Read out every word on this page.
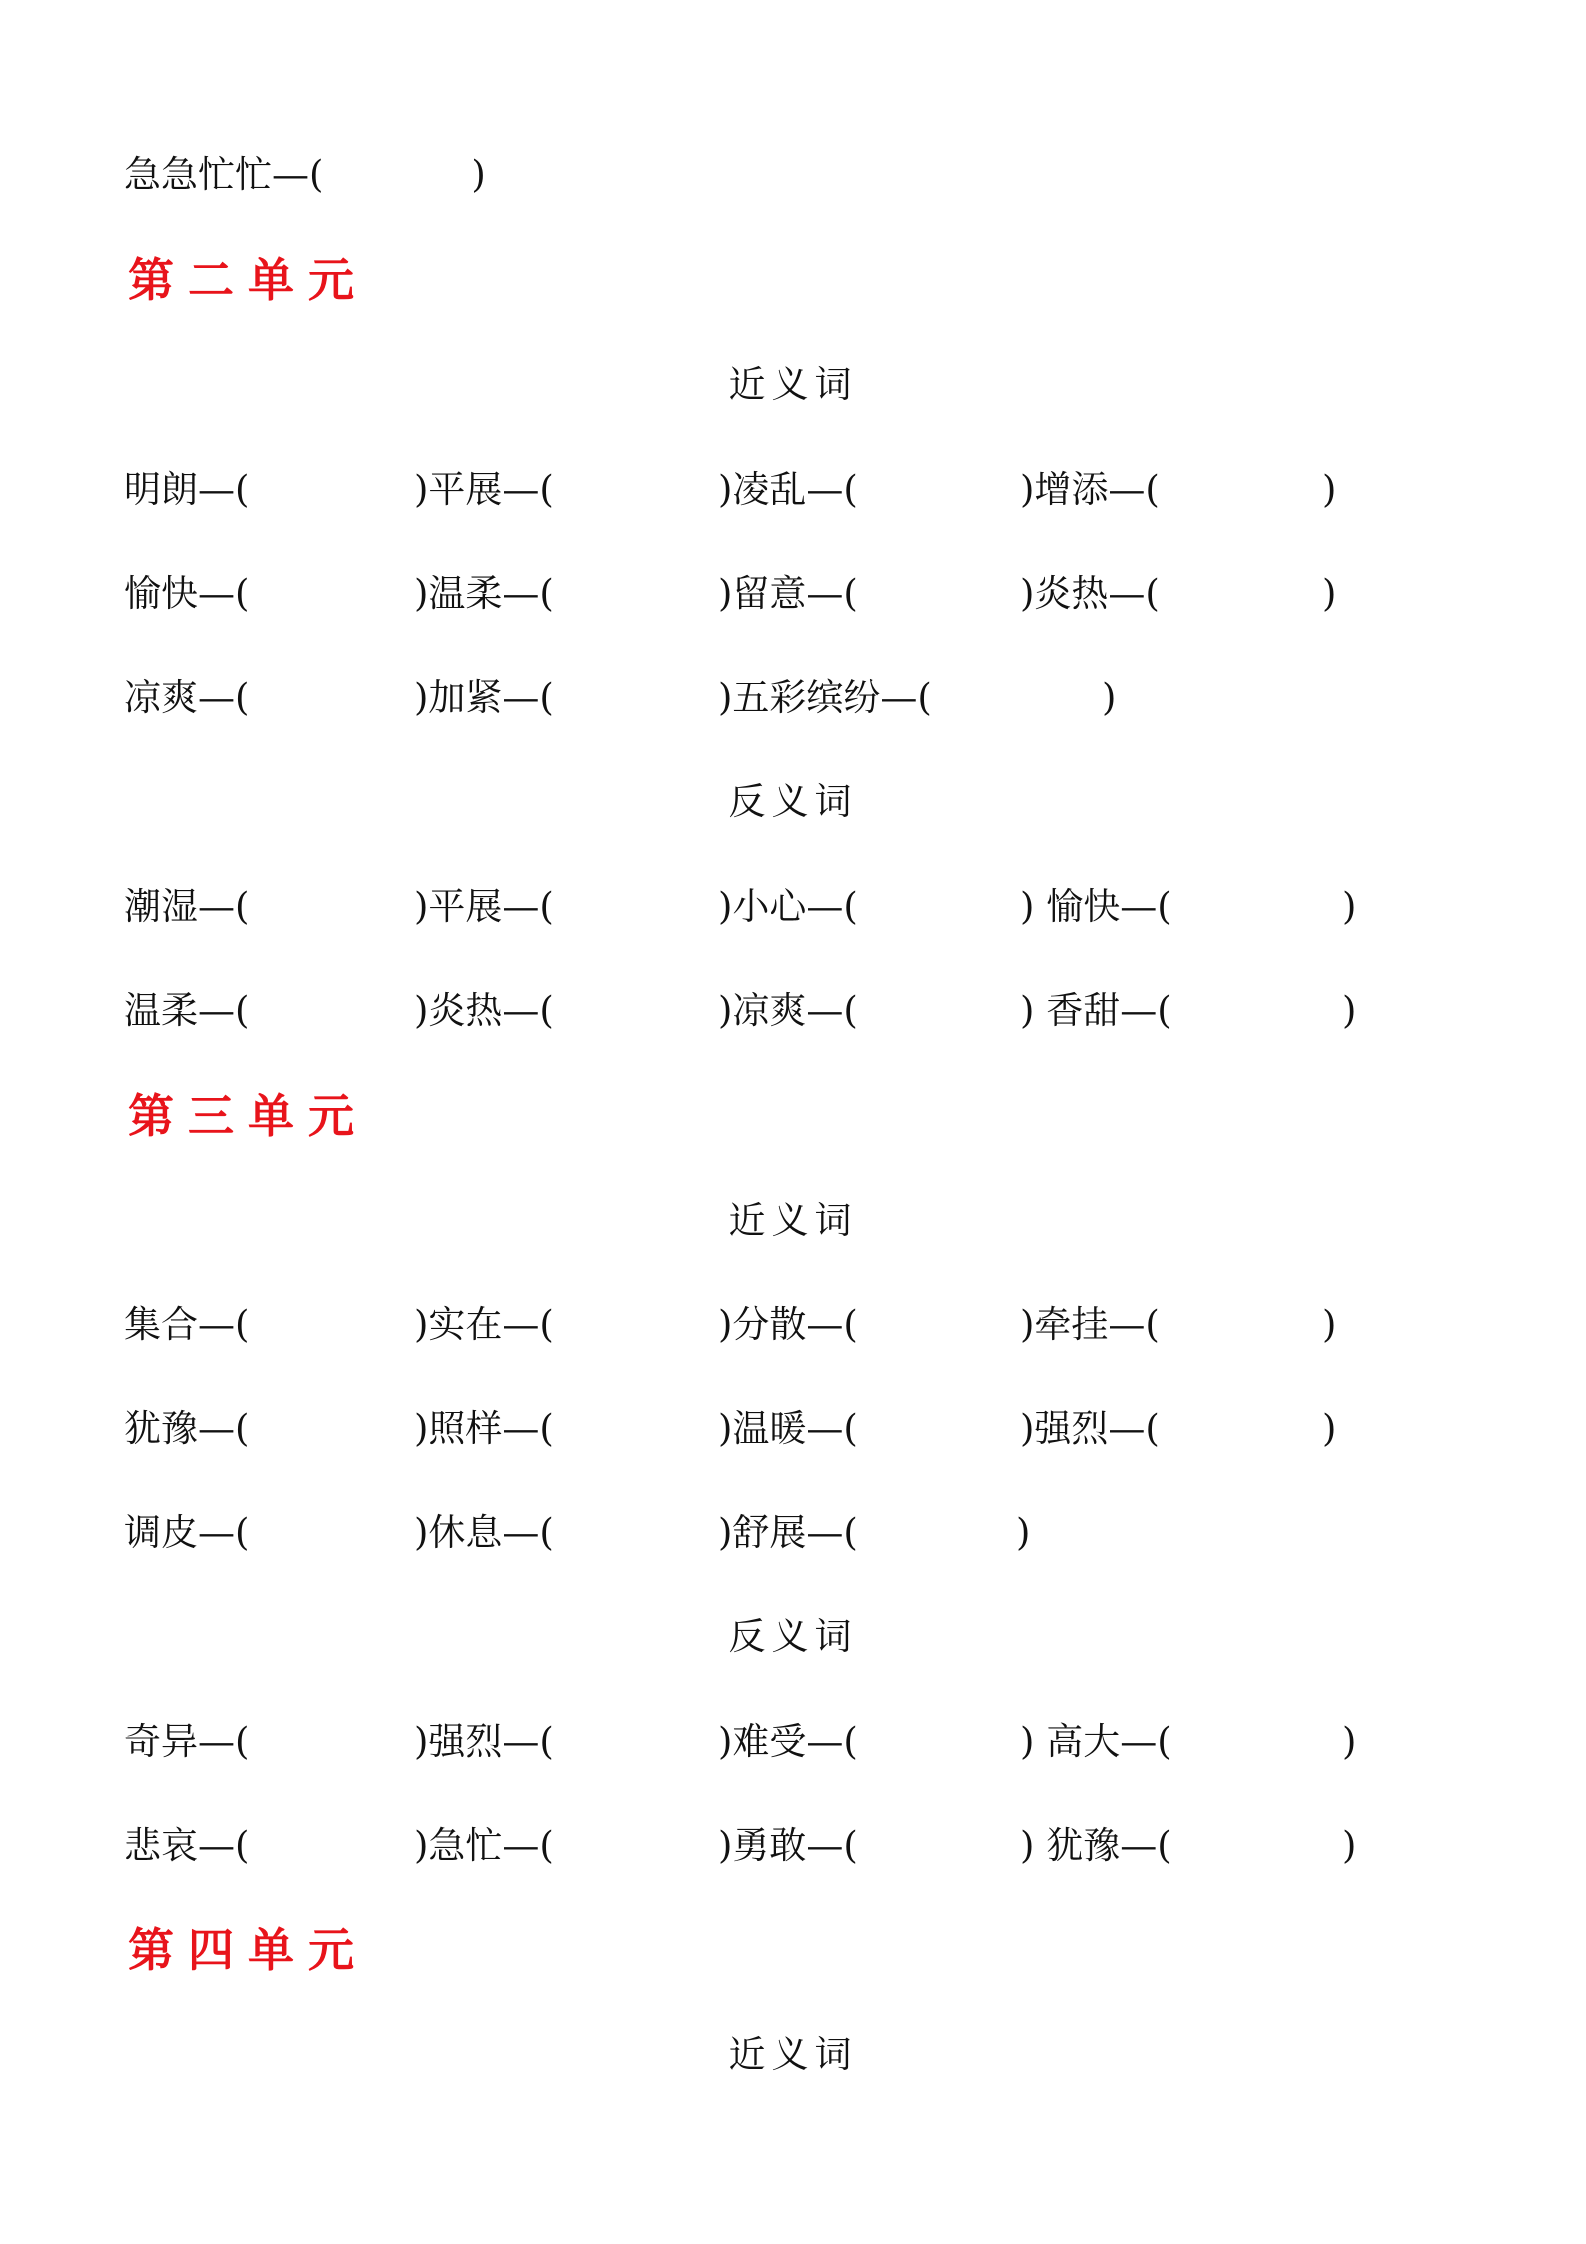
急急忙忙—(　　　　)
第二单元
近义词
明朗—(	)平展—(	)凌乱—(	)增添—(	)
愉快—(	)温柔—(	)留意—(	)炎热—(	)
凉爽—(	)加紧—(	)五彩缤纷—(	)
反义词
潮湿—(	)平展—(	)小心—(	) 愉快—(	)
温柔—(	)炎热—(	)凉爽—(	) 香甜—(	)
第三单元
近义词
集合—(	)实在—(	)分散—(	)牵挂—(	)
犹豫—(	)照样—(	)温暖—(	)强烈—(	)
调皮—(	)休息—(	)舒展—(	)
反义词
奇异—(	)强烈—(	)难受—(	) 高大—(	)
悲哀—(	)急忙—(	)勇敢—(	) 犹豫—(	)
第四单元
近义词
